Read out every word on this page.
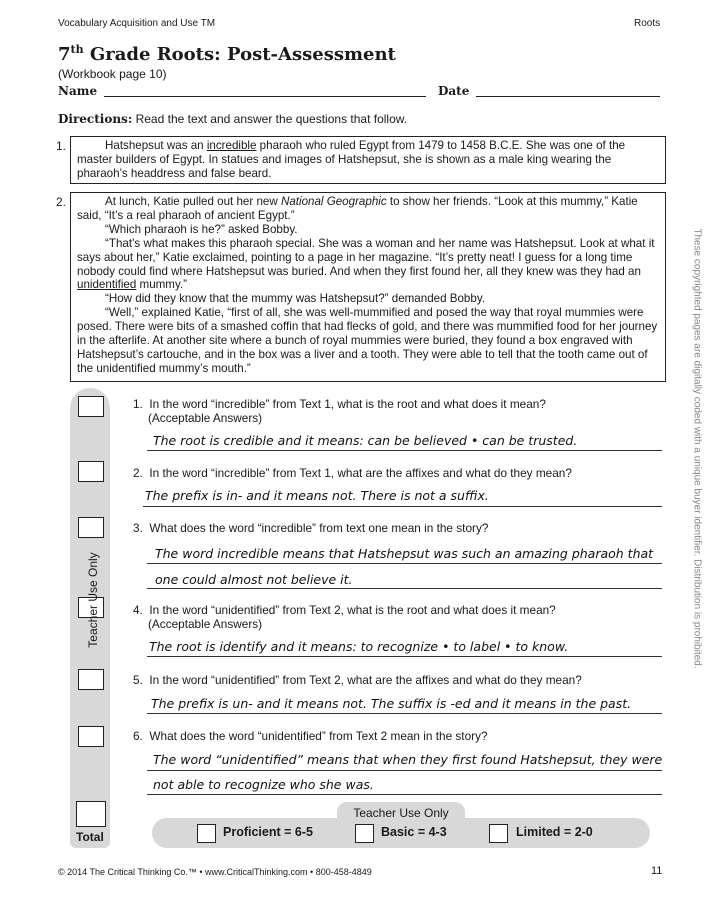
Vocabulary Acquisition and Use TM	Roots
7th Grade Roots: Post-Assessment
(Workbook page 10)
Name	Date
Directions: Read the text and answer the questions that follow.
1.	Hatshepsut was an incredible pharaoh who ruled Egypt from 1479 to 1458 B.C.E. She was one of the master builders of Egypt. In statues and images of Hatshepsut, she is shown as a male king wearing the pharaoh’s headdress and false beard.

2.	At lunch, Katie pulled out her new National Geographic to show her friends. “Look at this mummy,” Katie said, “It’s a real pharaoh of ancient Egypt.”

“Which pharaoh is he?” asked Bobby.

“That’s what makes this pharaoh special. She was a woman and her name was Hatshepsut. Look at what it says about her,” Katie exclaimed, pointing to a page in her magazine. “It’s pretty neat! I guess for a long time nobody could find where Hatshepsut was buried. And when they first found her, all they knew was they had an unidentified mummy.”

“How did they know that the mummy was Hatshepsut?” demanded Bobby.

“Well,” explained Katie, “first of all, she was well-mummified and posed the way that royal mummies were posed. There were bits of a smashed coffin that had flecks of gold, and there was mummified food for her journey in the afterlife. At another site where a bunch of royal mummies were buried, they found a box engraved with Hatshepsut’s cartouche, and in the box was a liver and a tooth. They were able to tell that the tooth came out of the unidentified mummy’s mouth.”

Teacher Use Only
Total
1. In the word “incredible” from Text 1, what is the root and what does it mean?
(Acceptable Answers)
The root is credible and it means: can be believed • can be trusted.
2. In the word “incredible” from Text 1, what are the affixes and what do they mean?
The prefix is in- and it means not. There is not a suffix.
3. What does the word “incredible” from text one mean in the story?
The word incredible means that Hatshepsut was such an amazing pharaoh that
one could almost not believe it.
4. In the word “unidentified” from Text 2, what is the root and what does it mean?
(Acceptable Answers)
The root is identify and it means: to recognize • to label • to know.
5. In the word “unidentified” from Text 2, what are the affixes and what do they mean?
The prefix is un- and it means not. The suffix is -ed and it means in the past.
6. What does the word “unidentified” from Text 2 mean in the story?
The word “unidentified” means that when they first found Hatshepsut, they were
not able to recognize who she was.
Teacher Use Only
Proficient = 6-5	Basic = 4-3	Limited = 2-0
These copyrighted pages are digitally coded with a unique buyer identifier. Distribution is prohibited.
© 2014 The Critical Thinking Co.™ • www.CriticalThinking.com • 800-458-4849	11
